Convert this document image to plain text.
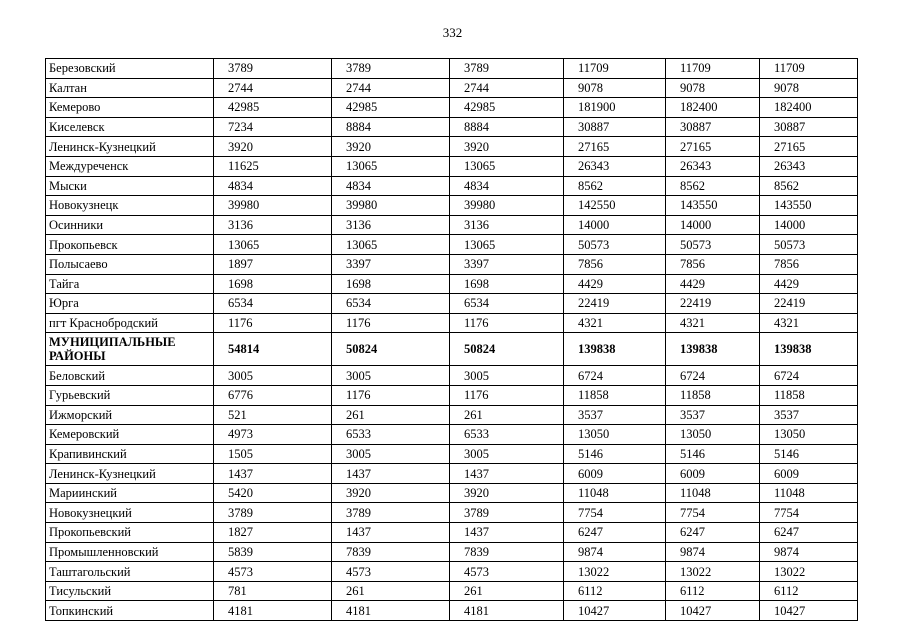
332
Березовский	3789	3789	3789	11709	11709	11709
Калтан	2744	2744	2744	9078	9078	9078
Кемерово	42985	42985	42985	181900	182400	182400
Киселевск	7234	8884	8884	30887	30887	30887
Ленинск-Кузнецкий	3920	3920	3920	27165	27165	27165
Междуреченск	11625	13065	13065	26343	26343	26343
Мыски	4834	4834	4834	8562	8562	8562
Новокузнецк	39980	39980	39980	142550	143550	143550
Осинники	3136	3136	3136	14000	14000	14000
Прокопьевск	13065	13065	13065	50573	50573	50573
Полысаево	1897	3397	3397	7856	7856	7856
Тайга	1698	1698	1698	4429	4429	4429
Юрга	6534	6534	6534	22419	22419	22419
пгт Краснобродский	1176	1176	1176	4321	4321	4321
МУНИЦИПАЛЬНЫЕ РАЙОНЫ	54814	50824	50824	139838	139838	139838
Беловский	3005	3005	3005	6724	6724	6724
Гурьевский	6776	1176	1176	11858	11858	11858
Ижморский	521	261	261	3537	3537	3537
Кемеровский	4973	6533	6533	13050	13050	13050
Крапивинский	1505	3005	3005	5146	5146	5146
Ленинск-Кузнецкий	1437	1437	1437	6009	6009	6009
Мариинский	5420	3920	3920	11048	11048	11048
Новокузнецкий	3789	3789	3789	7754	7754	7754
Прокопьевский	1827	1437	1437	6247	6247	6247
Промышленновский	5839	7839	7839	9874	9874	9874
Таштагольский	4573	4573	4573	13022	13022	13022
Тисульский	781	261	261	6112	6112	6112
Топкинский	4181	4181	4181	10427	10427	10427
